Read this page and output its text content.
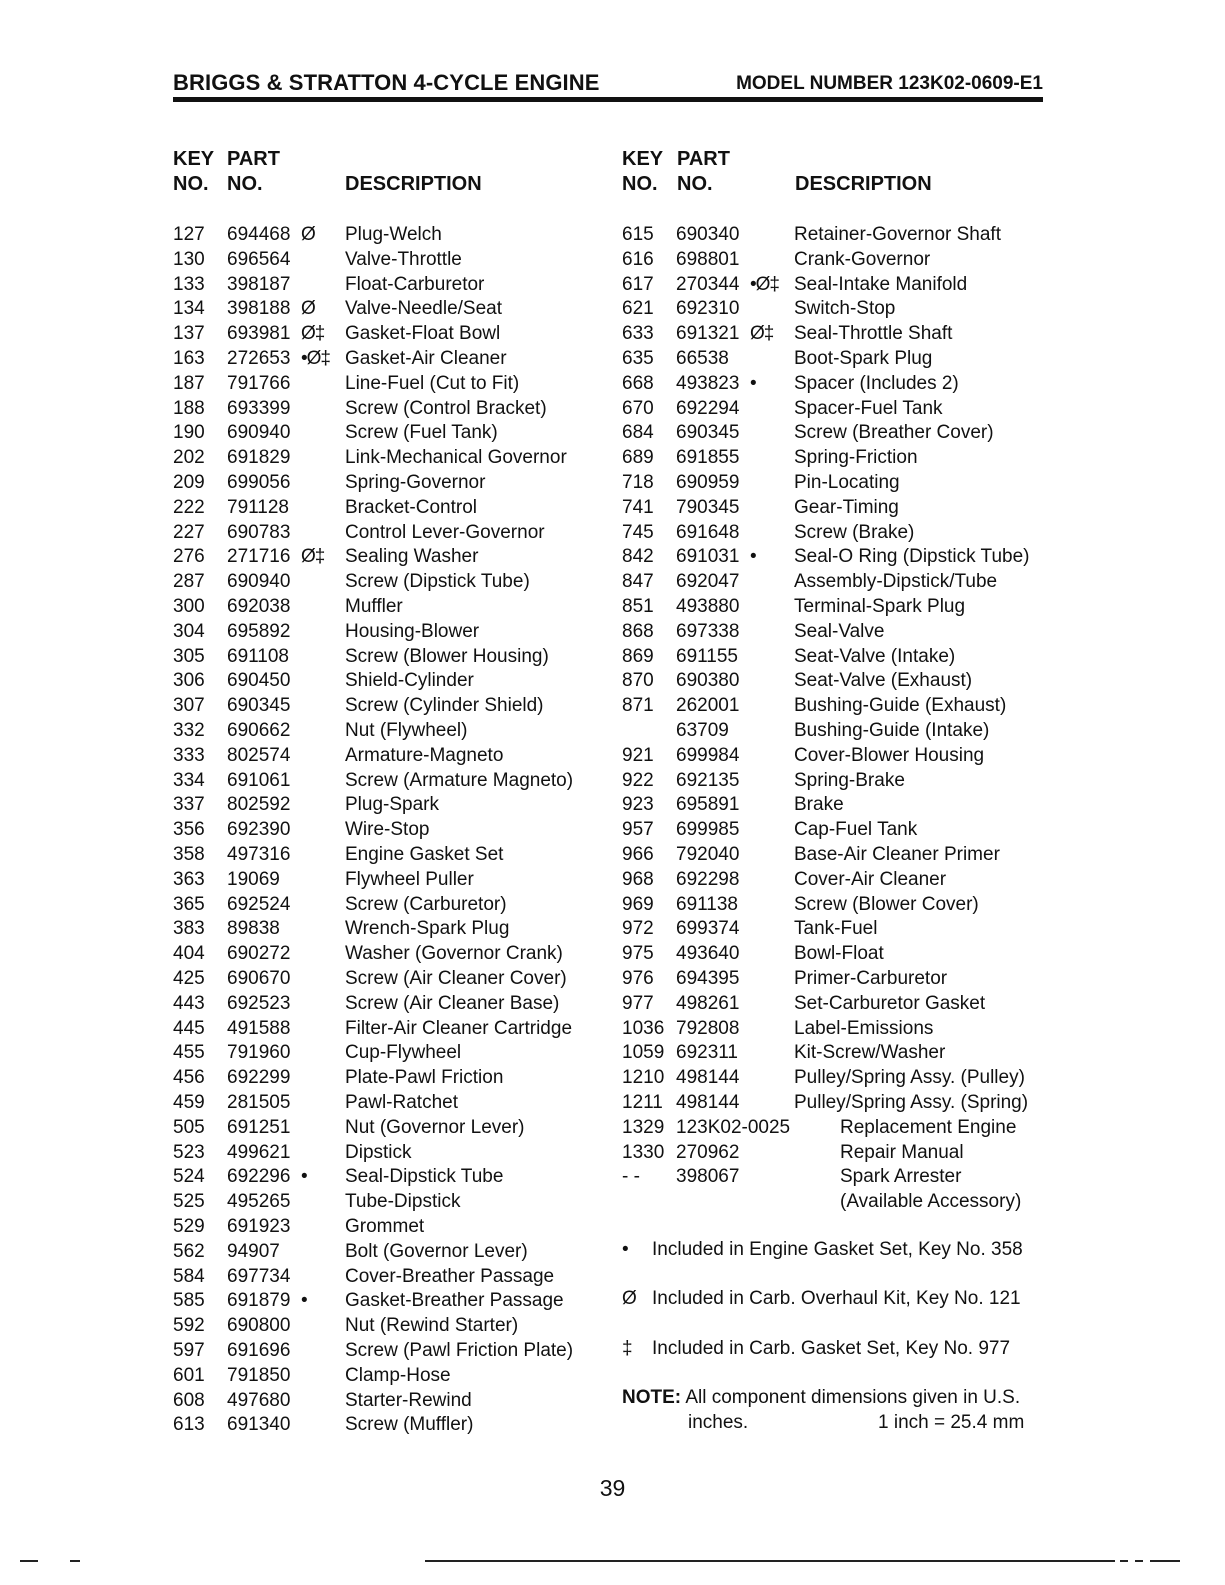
BRIGGS & STRATTON 4-CYCLE ENGINE	MODEL NUMBER 123K02-0609-E1
KEY
NO.
PART
NO.	DESCRIPTION
KEY
NO.
PART
NO.	DESCRIPTION
127 694468 Ø Plug-Welch
130 696564	Valve-Throttle
133 398187	Float-Carburetor
134 398188 Ø Valve-Needle/Seat
137 693981 Ø‡ Gasket-Float Bowl
163 272653 •Ø‡ Gasket-Air Cleaner
187 791766	Line-Fuel (Cut to Fit)
188 693399	Screw (Control Bracket)
190 690940	Screw (Fuel Tank)
202 691829	Link-Mechanical Governor
209 699056	Spring-Governor
222 791128	Bracket-Control
227 690783	Control Lever-Governor
276 271716 Ø‡ Sealing Washer
287 690940	Screw (Dipstick Tube)
300 692038	Muffler
304 695892	Housing-Blower
305 691108	Screw (Blower Housing)
306 690450	Shield-Cylinder
307 690345	Screw (Cylinder Shield)
332 690662	Nut (Flywheel)
333 802574	Armature-Magneto
334 691061	Screw (Armature Magneto)
337 802592	Plug-Spark
356 692390	Wire-Stop
358 497316	Engine Gasket Set
363 19069	Flywheel Puller
365 692524	Screw (Carburetor)
383 89838	Wrench-Spark Plug
404 690272	Washer (Governor Crank)
425 690670	Screw (Air Cleaner Cover)
443 692523	Screw (Air Cleaner Base)
445 491588	Filter-Air Cleaner Cartridge
455 791960	Cup-Flywheel
456 692299	Plate-Pawl Friction
459 281505	Pawl-Ratchet
505 691251	Nut (Governor Lever)
523 499621	Dipstick
524 692296 • Seal-Dipstick Tube
525 495265	Tube-Dipstick
529 691923	Grommet
562 94907	Bolt (Governor Lever)
584 697734	Cover-Breather Passage
585 691879 • Gasket-Breather Passage
592 690800	Nut (Rewind Starter)
597 691696	Screw (Pawl Friction Plate)
601 791850	Clamp-Hose
608 497680	Starter-Rewind
613 691340	Screw (Muffler)
615 690340	Retainer-Governor Shaft
616 698801	Crank-Governor
617 270344 •Ø‡ Seal-Intake Manifold
621 692310	Switch-Stop
633 691321 Ø‡ Seal-Throttle Shaft
635 66538	Boot-Spark Plug
668 493823 • Spacer (Includes 2)
670 692294	Spacer-Fuel Tank
684 690345	Screw (Breather Cover)
689 691855	Spring-Friction
718 690959	Pin-Locating
741 790345	Gear-Timing
745 691648	Screw (Brake)
842 691031 • Seal-O Ring (Dipstick Tube)
847 692047	Assembly-Dipstick/Tube
851 493880	Terminal-Spark Plug
868 697338	Seal-Valve
869 691155	Seat-Valve (Intake)
870 690380	Seat-Valve (Exhaust)
871 262001	Bushing-Guide (Exhaust)
63709	Bushing-Guide (Intake)
921 699984	Cover-Blower Housing
922 692135	Spring-Brake
923 695891	Brake
957 699985	Cap-Fuel Tank
966 792040	Base-Air Cleaner Primer
968 692298	Cover-Air Cleaner
969 691138	Screw (Blower Cover)
972 699374	Tank-Fuel
975 493640	Bowl-Float
976 694395	Primer-Carburetor
977 498261	Set-Carburetor Gasket
1036 792808	Label-Emissions
1059 692311	Kit-Screw/Washer
1210 498144	Pulley/Spring Assy. (Pulley)
1211 498144	Pulley/Spring Assy. (Spring)
1329 123K02-0025	Replacement Engine
1330 270962	Repair Manual
- - 398067	Spark Arrester
(Available Accessory)
• Included in Engine Gasket Set, Key No. 358
Ø Included in Carb. Overhaul Kit, Key No. 121
‡ Included in Carb. Gasket Set, Key No. 977
NOTE: All component dimensions given in U.S.
inches.	1 inch = 25.4 mm
39
